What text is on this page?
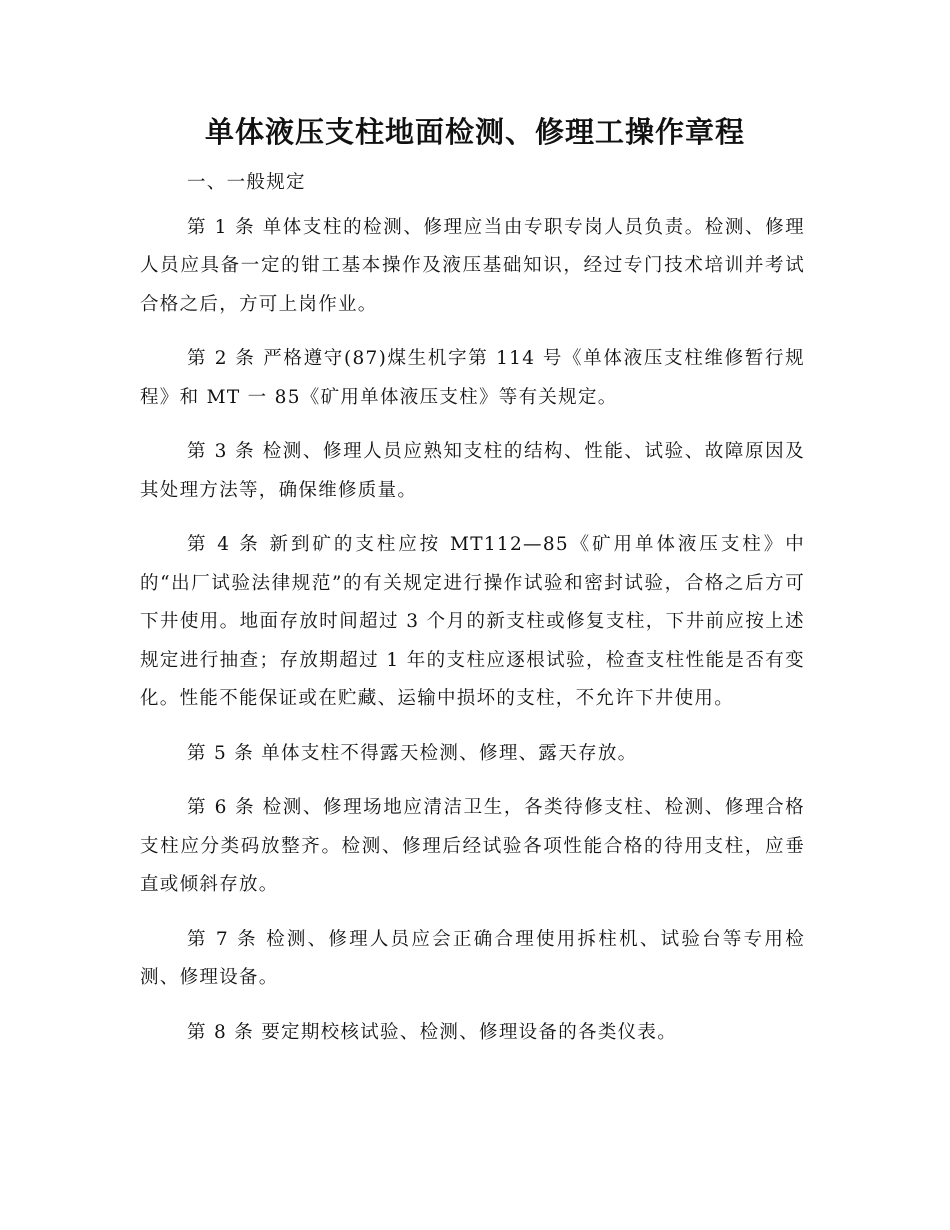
单体液压支柱地面检测、修理工操作章程

一、一般规定

第 1 条 单体支柱的检测、修理应当由专职专岗人员负责。检测、修理人员应具备一定的钳工基本操作及液压基础知识，经过专门技术培训并考试合格之后，方可上岗作业。

第 2 条 严格遵守(87)煤生机字第 114 号《单体液压支柱维修暂行规程》和 MT 一 85《矿用单体液压支柱》等有关规定。

第 3 条 检测、修理人员应熟知支柱的结构、性能、试验、故障原因及其处理方法等，确保维修质量。

第 4 条 新到矿的支柱应按 MT112—85《矿用单体液压支柱》中的“出厂试验法律规范”的有关规定进行操作试验和密封试验，合格之后方可下井使用。地面存放时间超过 3 个月的新支柱或修复支柱，下井前应按上述规定进行抽查；存放期超过 1 年的支柱应逐根试验，检查支柱性能是否有变化。性能不能保证或在贮藏、运输中损坏的支柱，不允许下井使用。

第 5 条 单体支柱不得露天检测、修理、露天存放。

第 6 条 检测、修理场地应清洁卫生，各类待修支柱、检测、修理合格支柱应分类码放整齐。检测、修理后经试验各项性能合格的待用支柱，应垂直或倾斜存放。

第 7 条 检测、修理人员应会正确合理使用拆柱机、试验台等专用检测、修理设备。

第 8 条 要定期校核试验、检测、修理设备的各类仪表。
